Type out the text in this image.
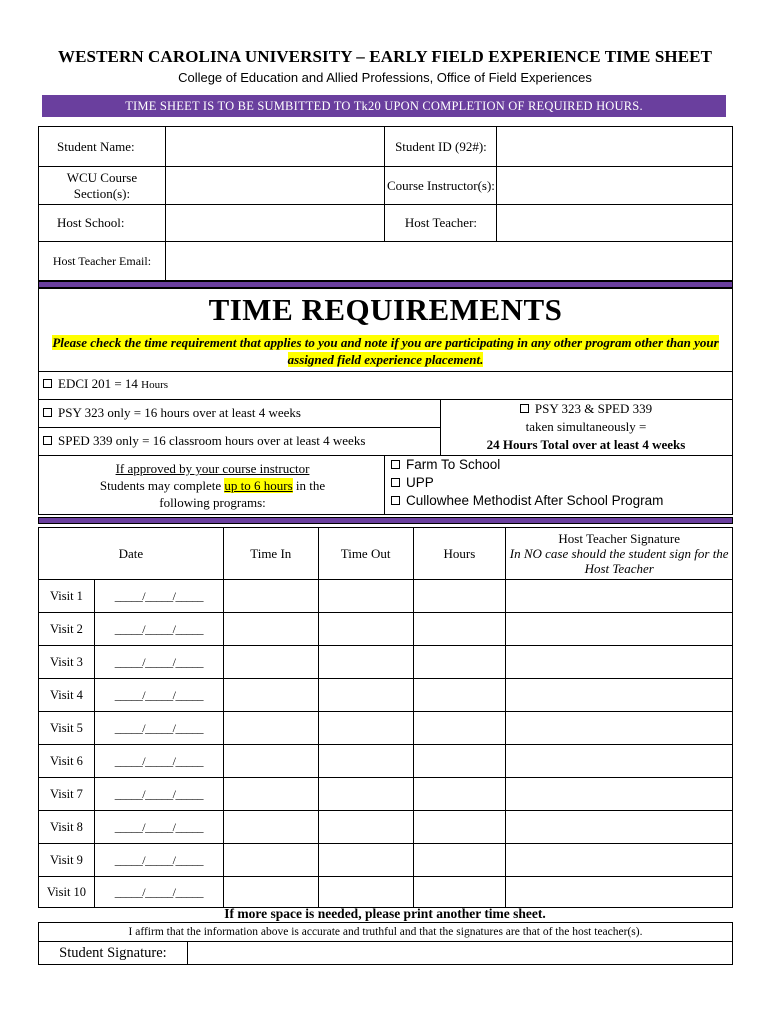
WESTERN CAROLINA UNIVERSITY – EARLY FIELD EXPERIENCE TIME SHEET
College of Education and Allied Professions, Office of Field Experiences
TIME SHEET IS TO BE SUMBITTED TO Tk20 UPON COMPLETION OF REQUIRED HOURS.
Student Name:		Student ID (92#):	
WCU Course Section(s):		Course Instructor(s):	
Host School:		Host Teacher:	
Host Teacher Email:			
TIME REQUIREMENTS
Please check the time requirement that applies to you and note if you are participating in any other program other than your assigned field experience placement.
EDCI 201 = 14 Hours
PSY 323 only = 16 hours over at least 4 weeks
SPED 339 only = 16 classroom hours over at least 4 weeks
PSY 323 & SPED 339
taken simultaneously =
24 Hours Total over at least 4 weeks
If approved by your course instructor
Students may complete up to 6 hours in the
following programs:
Farm To School
UPP
Cullowhee Methodist After School Program
Date		Time In	Time Out	Hours	Host Teacher Signature
In NO case should the student sign for the Host Teacher

Visit 1	_____/_____/_____				
Visit 2	_____/_____/_____				
Visit 3	_____/_____/_____				
Visit 4	_____/_____/_____				
Visit 5	_____/_____/_____				
Visit 6	_____/_____/_____				
Visit 7	_____/_____/_____				
Visit 8	_____/_____/_____				
Visit 9	_____/_____/_____				
Visit 10	_____/_____/_____				
If more space is needed, please print another time sheet.
I affirm that the information above is accurate and truthful and that the signatures are that of the host teacher(s).
Student Signature:	
